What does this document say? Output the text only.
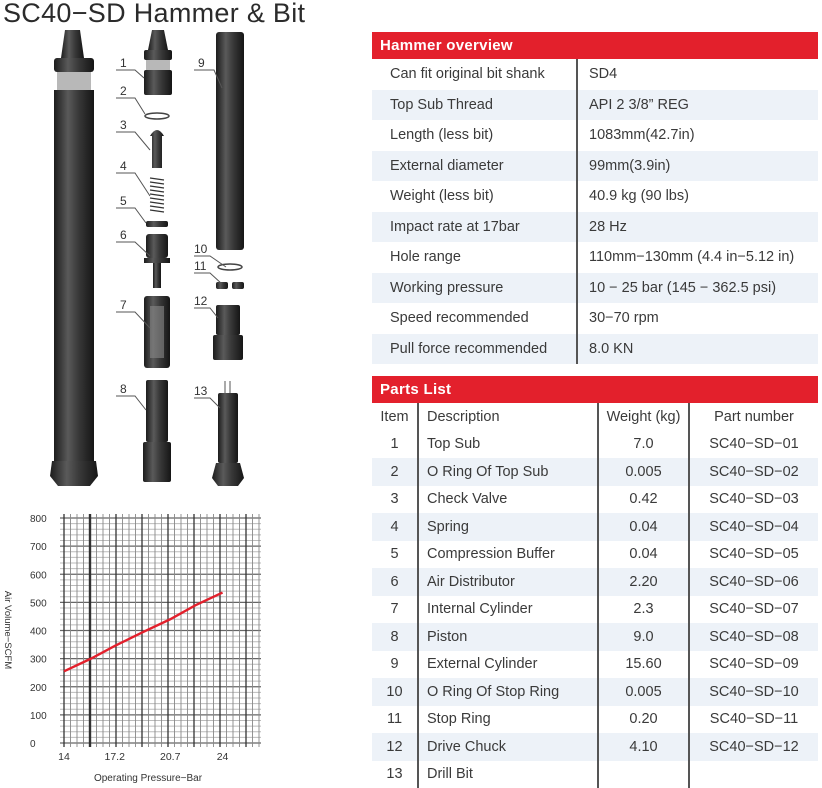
SC40−SD Hammer & Bit
1
2
3
4
5
6
7
8
9
10
11
12
13
0
100
200
300
400
500
600
700
800
14	17.2	20.7	24
Air Volume−SCFM
Operating Pressure−Bar
Hammer overview
Can fit original bit shank	SD4
Top Sub Thread	API 2 3/8” REG
Length (less bit)	1083mm(42.7in)
External diameter	99mm(3.9in)
Weight (less bit)	40.9 kg (90 lbs)
Impact rate at 17bar	28 Hz
Hole range	110mm−130mm (4.4 in−5.12 in)
Working pressure	10 − 25 bar (145 − 362.5 psi)
Speed recommended	30−70 rpm
Pull force recommended	8.0 KN
Parts List
Item	Description	Weight (kg)	Part number
1	Top Sub	7.0	SC40−SD−01
2	O Ring Of Top Sub	0.005	SC40−SD−02
3	Check Valve	0.42	SC40−SD−03
4	Spring	0.04	SC40−SD−04
5	Compression Buffer	0.04	SC40−SD−05
6	Air Distributor	2.20	SC40−SD−06
7	Internal Cylinder	2.3	SC40−SD−07
8	Piston	9.0	SC40−SD−08
9	External Cylinder	15.60	SC40−SD−09
10	O Ring Of Stop Ring	0.005	SC40−SD−10
11	Stop Ring	0.20	SC40−SD−11
12	Drive Chuck	4.10	SC40−SD−12
13	Drill Bit		
